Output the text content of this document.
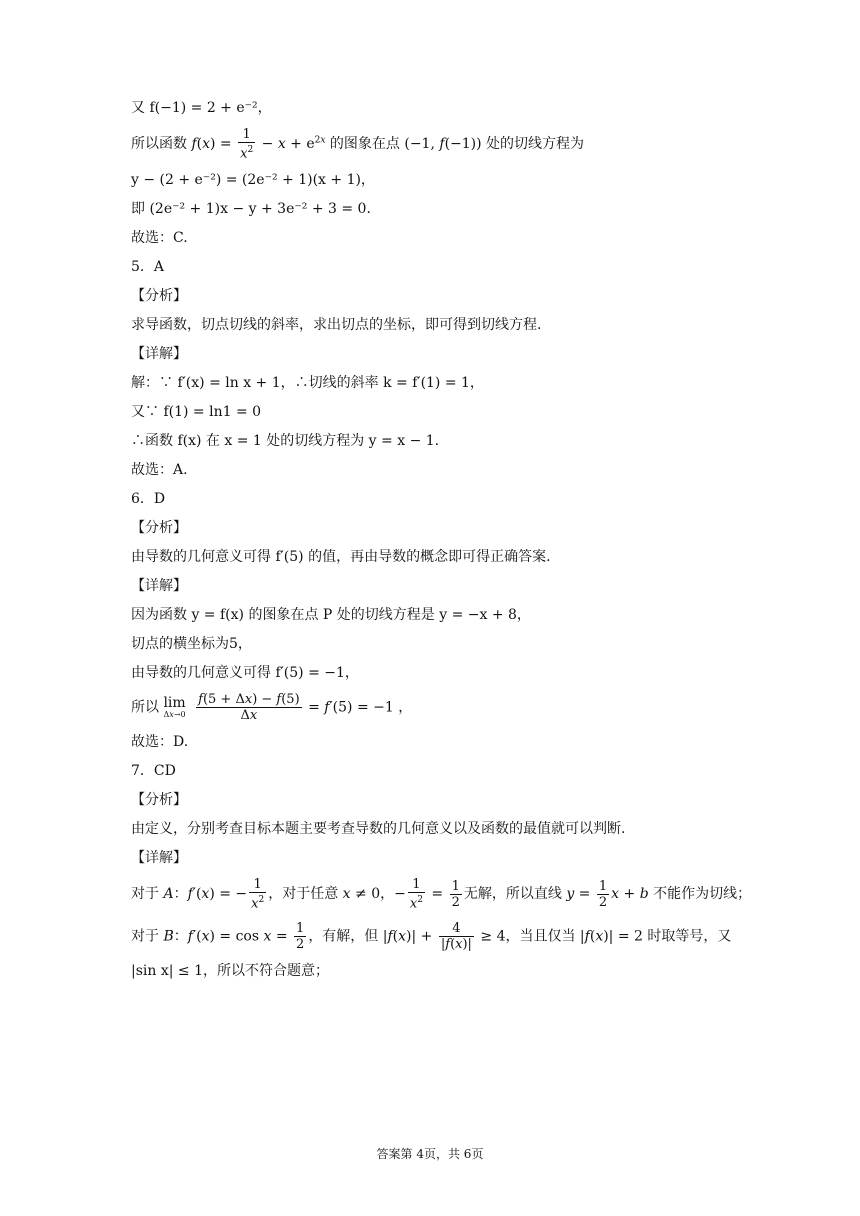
又 f(−1) = 2 + e⁻²，
所以函数 $f(x) = \frac{1}{x^2} - x + e^{2x}$ 的图象在点 (−1, f(−1)) 处的切线方程为
y − (2 + e⁻²) = (2e⁻² + 1)(x + 1)，
即 (2e⁻² + 1)x − y + 3e⁻² + 3 = 0．
故选：C.
5．A
【分析】
求导函数，切点切线的斜率，求出切点的坐标，即可得到切线方程.
【详解】
解：∵ f′(x) = ln x + 1，∴切线的斜率 k = f′(1) = 1，
又∵ f(1) = ln1 = 0
∴函数 f(x) 在 x = 1 处的切线方程为 y = x − 1.
故选：A.
6．D
【分析】
由导数的几何意义可得 f′(5) 的值，再由导数的概念即可得正确答案.
【详解】
因为函数 y = f(x) 的图象在点 P 处的切线方程是 y = −x + 8，
切点的横坐标为5，
由导数的几何意义可得 f′(5) = −1，
所以 lim
Δx→0
$\frac{f(5 + \Delta x) - f(5)}{\Delta x} = f'(5) = -1$ ，
故选：D.
7．CD
【分析】
由定义，分别考查目标本题主要考查导数的几何意义以及函数的最值就可以判断.
【详解】
对于 A：f′(x) = − $\frac{1}{x^2}$ ，对于任意 x ≠ 0，− $\frac{1}{x^2} = \frac{1}{2}$ 无解，所以直线 $y = \frac{1}{2}$ x + b 不能作为切线；
对于 B：$f'(x) = \cos x = \frac{1}{2}$ ，有解，但 $|f(x)| + \frac{4}{|f(x)|} \ge 4$，当且仅当 |f(x)| = 2 时取等号，又
|sin x| ≤ 1，所以不符合题意；
答案第 4页，共 6页
